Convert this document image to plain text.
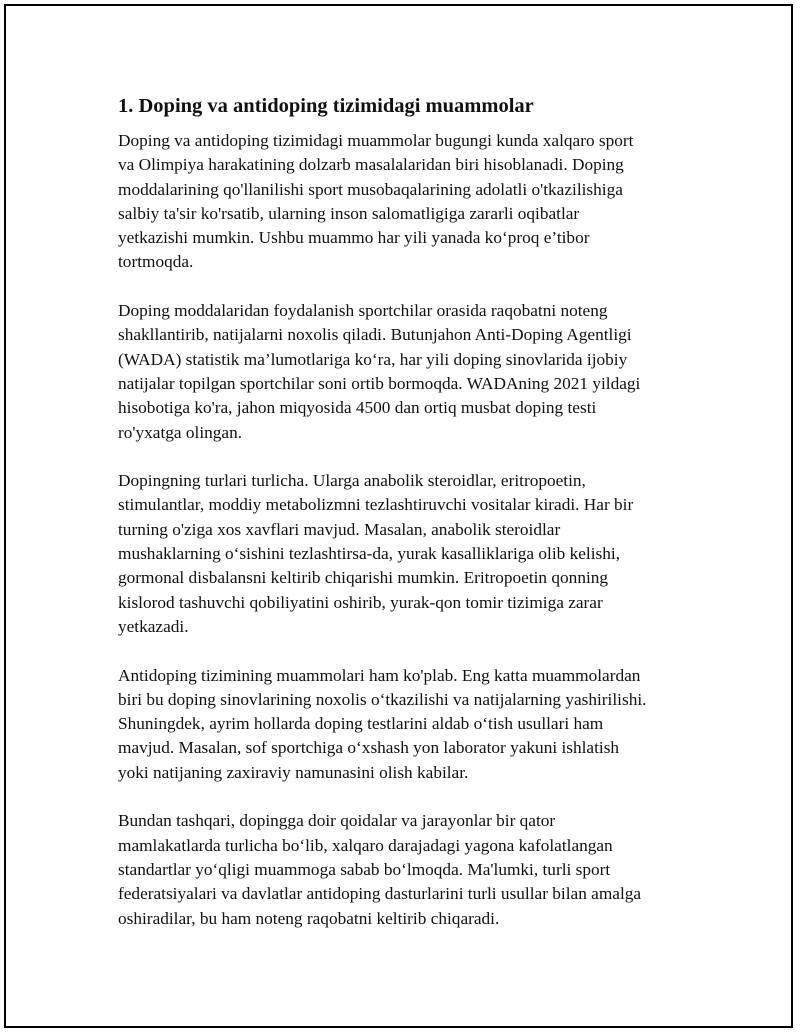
1. Doping va antidoping tizimidagi muammolar

Doping va antidoping tizimidagi muammolar bugungi kunda xalqaro sport
va Olimpiya harakatining dolzarb masalalaridan biri hisoblanadi. Doping
moddalarining qo'llanilishi sport musobaqalarining adolatli o'tkazilishiga
salbiy ta'sir ko'rsatib, ularning inson salomatligiga zararli oqibatlar
yetkazishi mumkin. Ushbu muammo har yili yanada ko‘proq e’tibor
tortmoqda.

Doping moddalaridan foydalanish sportchilar orasida raqobatni noteng
shakllantirib, natijalarni noxolis qiladi. Butunjahon Anti-Doping Agentligi
(WADA) statistik ma’lumotlariga ko‘ra, har yili doping sinovlarida ijobiy
natijalar topilgan sportchilar soni ortib bormoqda. WADAning 2021 yildagi
hisobotiga ko'ra, jahon miqyosida 4500 dan ortiq musbat doping testi
ro'yxatga olingan.

Dopingning turlari turlicha. Ularga anabolik steroidlar, eritropoetin,
stimulantlar, moddiy metabolizmni tezlashtiruvchi vositalar kiradi. Har bir
turning o'ziga xos xavflari mavjud. Masalan, anabolik steroidlar
mushaklarning o‘sishini tezlashtirsa-da, yurak kasalliklariga olib kelishi,
gormonal disbalansni keltirib chiqarishi mumkin. Eritropoetin qonning
kislorod tashuvchi qobiliyatini oshirib, yurak-qon tomir tizimiga zarar
yetkazadi.

Antidoping tizimining muammolari ham ko'plab. Eng katta muammolardan
biri bu doping sinovlarining noxolis o‘tkazilishi va natijalarning yashirilishi.
Shuningdek, ayrim hollarda doping testlarini aldab o‘tish usullari ham
mavjud. Masalan, sof sportchiga o‘xshash yon laborator yakuni ishlatish
yoki natijaning zaxiraviy namunasini olish kabilar.

Bundan tashqari, dopingga doir qoidalar va jarayonlar bir qator
mamlakatlarda turlicha bo‘lib, xalqaro darajadagi yagona kafolatlangan
standartlar yo‘qligi muammoga sabab bo‘lmoqda. Ma'lumki, turli sport
federatsiyalari va davlatlar antidoping dasturlarini turli usullar bilan amalga
oshiradilar, bu ham noteng raqobatni keltirib chiqaradi.
